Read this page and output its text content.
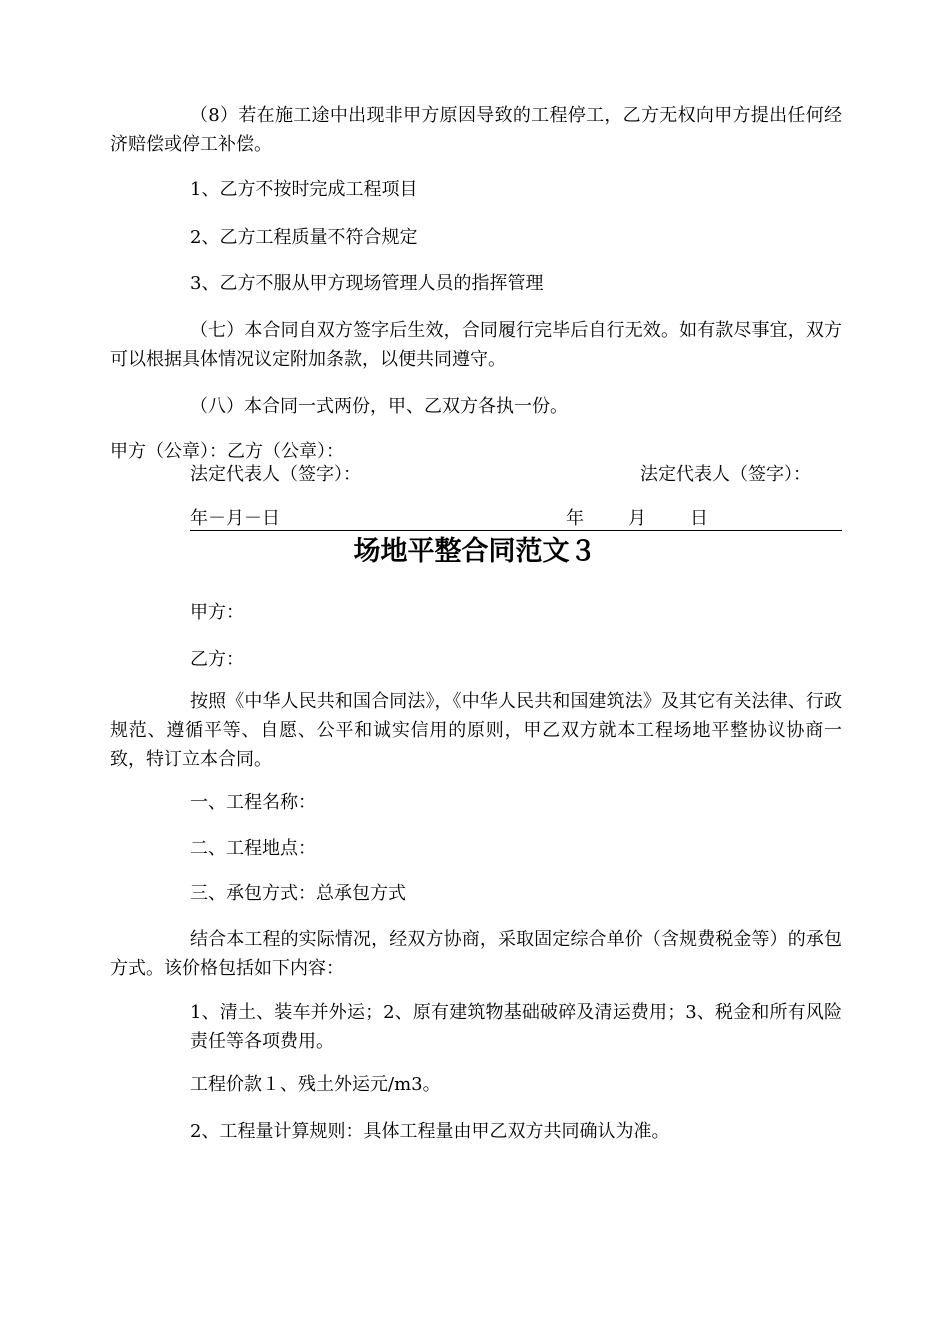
（8）若在施工途中出现非甲方原因导致的工程停工，乙方无权向甲方提出任何经济赔偿或停工补偿。

1、乙方不按时完成工程项目

2、乙方工程质量不符合规定

3、乙方不服从甲方现场管理人员的指挥管理

（七）本合同自双方签字后生效，合同履行完毕后自行无效。如有款尽事宜，双方可以根据具体情况议定附加条款，以便共同遵守。

（八）本合同一式两份，甲、乙双方各执一份。

甲方（公章）：乙方（公章）：

法定代表人（签字）：	法定代表人（签字）：

年－月－日	年 月 日
场地平整合同范文３

甲方：

乙方：

按照《中华人民共和国合同法》，《中华人民共和国建筑法》及其它有关法律、行政规范、遵循平等、自愿、公平和诚实信用的原则，甲乙双方就本工程场地平整协议协商一致，特订立本合同。

一、工程名称：

二、工程地点：

三、承包方式：总承包方式

结合本工程的实际情况，经双方协商，采取固定综合单价（含规费税金等）的承包方式。该价格包括如下内容：

1、清土、装车并外运；2、原有建筑物基础破碎及清运费用；3、税金和所有风险责任等各项费用。

工程价款１、残土外运元/m3。

2、工程量计算规则：具体工程量由甲乙双方共同确认为准。
